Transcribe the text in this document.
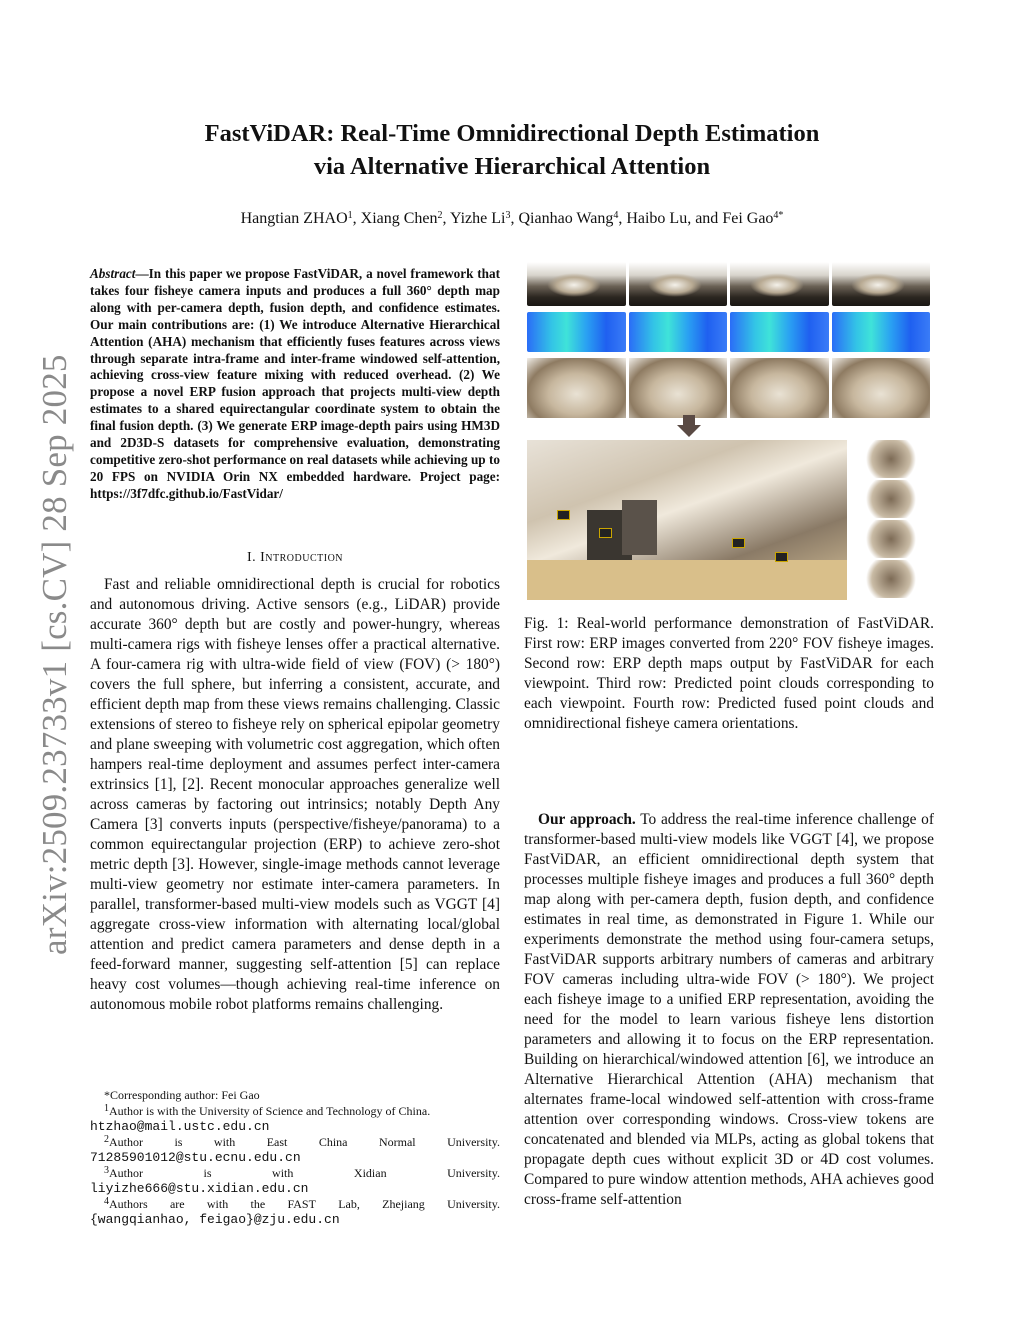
arXiv:2509.23733v1 [cs.CV] 28 Sep 2025
FastViDAR: Real-Time Omnidirectional Depth Estimation
via Alternative Hierarchical Attention
Hangtian ZHAO$^1$, Xiang Chen$^2$, Yizhe Li$^3$, Qianhao Wang$^4$, Haibo Lu, and Fei Gao$^{4*}$
Abstract—In this paper we propose FastViDAR, a novel framework that takes four fisheye camera inputs and produces a full 360° depth map along with per-camera depth, fusion depth, and confidence estimates. Our main contributions are: (1) We introduce Alternative Hierarchical Attention (AHA) mechanism that efficiently fuses features across views through separate intra-frame and inter-frame windowed self-attention, achieving cross-view feature mixing with reduced overhead. (2) We propose a novel ERP fusion approach that projects multi-view depth estimates to a shared equirectangular coordinate system to obtain the final fusion depth. (3) We generate ERP image-depth pairs using HM3D and 2D3D-S datasets for comprehensive evaluation, demonstrating competitive zero-shot performance on real datasets while achieving up to 20 FPS on NVIDIA Orin NX embedded hardware. Project page: https://3f7dfc.github.io/FastVidar/
I. Introduction

Fast and reliable omnidirectional depth is crucial for robotics and autonomous driving. Active sensors (e.g., LiDAR) provide accurate 360° depth but are costly and power-hungry, whereas multi-camera rigs with fisheye lenses offer a practical alternative. A four-camera rig with ultra-wide field of view (FOV) (> 180°) covers the full sphere, but inferring a consistent, accurate, and efficient depth map from these views remains challenging. Classic extensions of stereo to fisheye rely on spherical epipolar geometry and plane sweeping with volumetric cost aggregation, which often hampers real-time deployment and assumes perfect inter-camera extrinsics [1], [2]. Recent monocular approaches generalize well across cameras by factoring out intrinsics; notably Depth Any Camera [3] converts inputs (perspective/fisheye/panorama) to a common equirectangular projection (ERP) to achieve zero-shot metric depth [3]. However, single-image methods cannot leverage multi-view geometry nor estimate inter-camera parameters. In parallel, transformer-based multi-view models such as VGGT [4] aggregate cross-view information with alternating local/global attention and predict camera parameters and dense depth in a feed-forward manner, suggesting self-attention [5] can replace heavy cost volumes—though achieving real-time inference on autonomous mobile robot platforms remains challenging.

*Corresponding author: Fei Gao
$^1$Author is with the University of Science and Technology of China.
htzhao@mail.ustc.edu.cn
$^2$Author	is	with	East	China	Normal	University.
71285901012@stu.ecnu.edu.cn
$^3$Author	is	with	Xidian	University.
liyizhe666@stu.xidian.edu.cn
$^4$Authors are with the FAST Lab, Zhejiang University.
{wangqianhao, feigao}@zju.edu.cn
Fig. 1: Real-world performance demonstration of FastViDAR. First row: ERP images converted from 220° FOV fisheye images. Second row: ERP depth maps output by FastViDAR for each viewpoint. Third row: Predicted point clouds corresponding to each viewpoint. Fourth row: Predicted fused point clouds and omnidirectional fisheye camera orientations.

Our approach. To address the real-time inference challenge of transformer-based multi-view models like VGGT [4], we propose FastViDAR, an efficient omnidirectional depth system that processes multiple fisheye images and produces a full 360° depth map along with per-camera depth, fusion depth, and confidence estimates in real time, as demonstrated in Figure 1. While our experiments demonstrate the method using four-camera setups, FastViDAR supports arbitrary numbers of cameras and arbitrary FOV cameras including ultra-wide FOV (> 180°). We project each fisheye image to a unified ERP representation, avoiding the need for the model to learn various fisheye lens distortion parameters and allowing it to focus on the ERP representation. Building on hierarchical/windowed attention [6], we introduce an Alternative Hierarchical Attention (AHA) mechanism that alternates frame-local windowed self-attention with cross-frame attention over corresponding windows. Cross-view tokens are concatenated and blended via MLPs, acting as global tokens that propagate depth cues without explicit 3D or 4D cost volumes. Compared to pure window attention methods, AHA achieves good cross-frame self-attention
